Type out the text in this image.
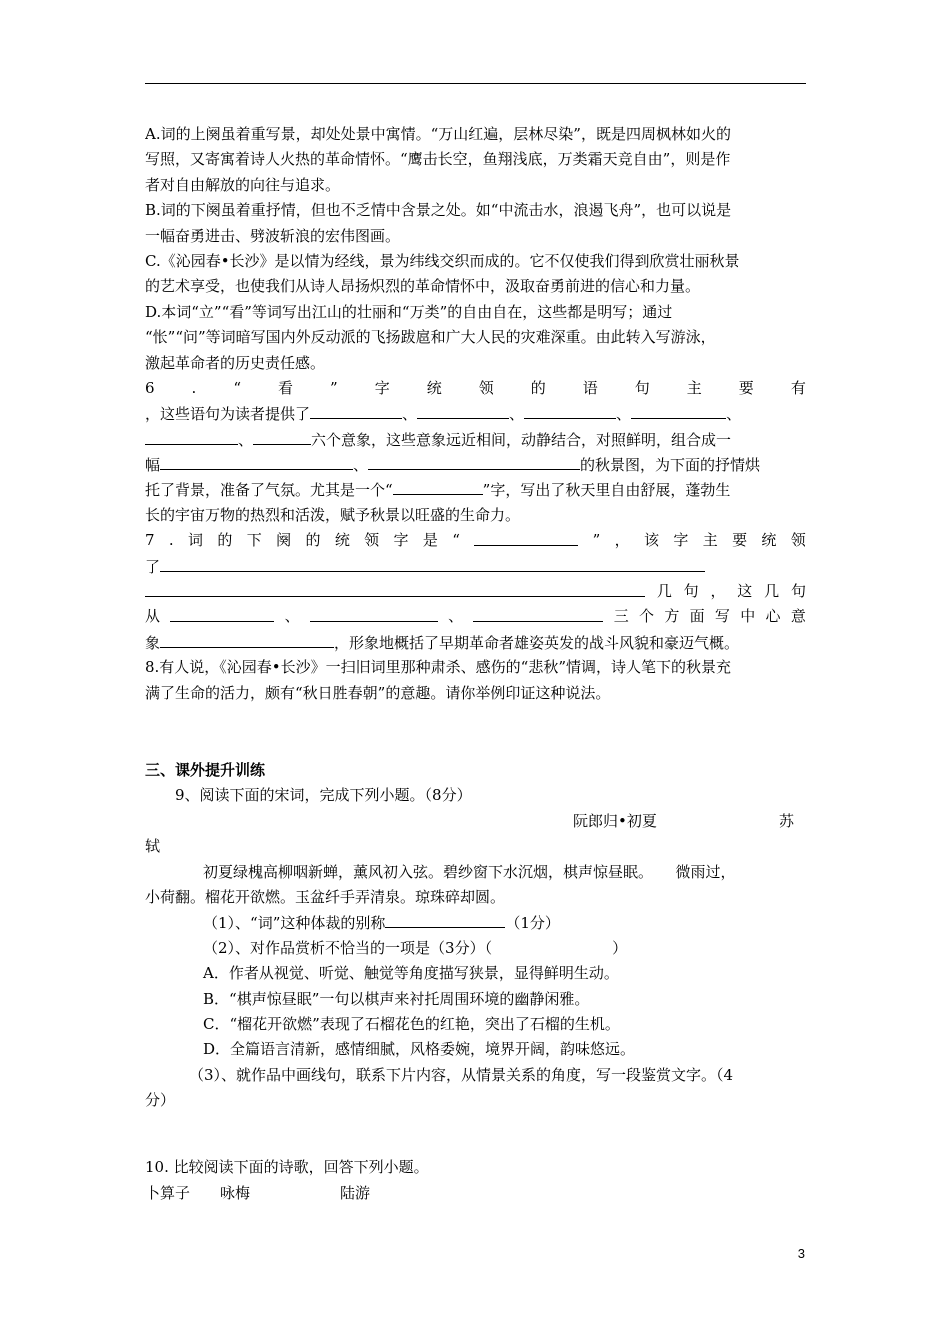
A.词的上阕虽着重写景，却处处景中寓情。“万山红遍，层林尽染”，既是四周枫林如火的
写照，又寄寓着诗人火热的革命情怀。“鹰击长空，鱼翔浅底，万类霜天竞自由”，则是作
者对自由解放的向往与追求。
B.词的下阕虽着重抒情，但也不乏情中含景之处。如“中流击水，浪遏飞舟”，也可以说是
一幅奋勇进击、劈波斩浪的宏伟图画。
C.《沁园春•长沙》是以情为经线，景为纬线交织而成的。它不仅使我们得到欣赏壮丽秋景
的艺术享受，也使我们从诗人昂扬炽烈的革命情怀中，汲取奋勇前进的信心和力量。
D.本词“立”“看”等词写出江山的壮丽和“万类”的自由自在，这些都是明写；通过
“怅”“问”等词暗写国内外反动派的飞扬跋扈和广大人民的灾难深重。由此转入写游泳，
激起革命者的历史责任感。
6 . “ 看 ” 字 统 领 的 语 句 主 要 有
，这些语句为读者提供了	、	、	、	、
、	六个意象，这些意象远近相间，动静结合，对照鲜明，组合成一
幅	、	的秋景图，为下面的抒情烘
托了背景，准备了气氛。尤其是一个“	”字，写出了秋天里自由舒展，蓬勃生
长的宇宙万物的热烈和活泼，赋予秋景以旺盛的生命力。
7 . 词 的 下 阕 的 统 领 字 是 “	” ， 该 字 主 要 统 领
了
几 句 ， 这 几 句
从	、	、	三 个 方 面 写 中 心 意
象	，形象地概括了早期革命者雄姿英发的战斗风貌和豪迈气概。
8.有人说，《沁园春•长沙》一扫旧词里那种肃杀、感伤的“悲秋”情调，诗人笔下的秋景充
满了生命的活力，颇有“秋日胜春朝”的意趣。请你举例印证这种说法。
三、课外提升训练
9、阅读下面的宋词，完成下列小题。（8分）
阮郎归•初夏	苏
轼
初夏绿槐高柳咽新蝉，薰风初入弦。碧纱窗下水沉烟，棋声惊昼眠。　　微雨过，
小荷翻。榴花开欲燃。玉盆纤手弄清泉。琼珠碎却圆。
（1）、“词”这种体裁的别称	（1分）
（2）、对作品赏析不恰当的一项是（3分）（　　　　　　　　）
A．作者从视觉、听觉、触觉等角度描写狭景，显得鲜明生动。
B．“棋声惊昼眠”一句以棋声来衬托周围环境的幽静闲雅。
C．“榴花开欲燃”表现了石榴花色的红艳，突出了石榴的生机。
D．全篇语言清新，感情细腻，风格委婉，境界开阔，韵味悠远。
（3）、就作品中画线句，联系下片内容，从情景关系的角度，写一段鉴赏文字。（4
分）
10. 比较阅读下面的诗歌，回答下列小题。
卜算子　　咏梅　　　　　　陆游
3
